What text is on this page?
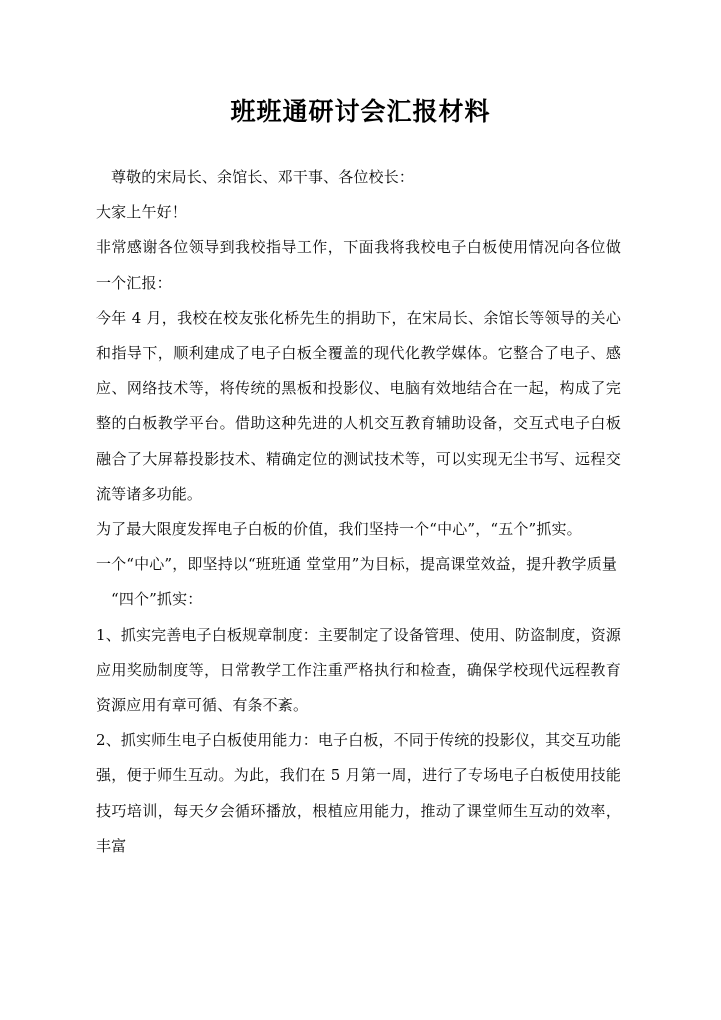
班班通研讨会汇报材料

尊敬的宋局长、余馆长、邓干事、各位校长：

大家上午好！

非常感谢各位领导到我校指导工作，下面我将我校电子白板使用情况向各位做一个汇报：

今年 4 月，我校在校友张化桥先生的捐助下，在宋局长、余馆长等领导的关心和指导下，顺利建成了电子白板全覆盖的现代化教学媒体。它整合了电子、感应、网络技术等，将传统的黑板和投影仪、电脑有效地结合在一起，构成了完整的白板教学平台。借助这种先进的人机交互教育辅助设备，交互式电子白板融合了大屏幕投影技术、精确定位的测试技术等，可以实现无尘书写、远程交流等诸多功能。

为了最大限度发挥电子白板的价值，我们坚持一个“中心”，“五个”抓实。

一个“中心”，即坚持以“班班通 堂堂用”为目标，提高课堂效益，提升教学质量

“四个”抓实：

1、抓实完善电子白板规章制度：主要制定了设备管理、使用、防盗制度，资源应用奖励制度等，日常教学工作注重严格执行和检查，确保学校现代远程教育资源应用有章可循、有条不紊。

2、抓实师生电子白板使用能力：电子白板，不同于传统的投影仪，其交互功能强，便于师生互动。为此，我们在 5 月第一周，进行了专场电子白板使用技能技巧培训，每天夕会循环播放，根植应用能力，推动了课堂师生互动的效率，丰富
